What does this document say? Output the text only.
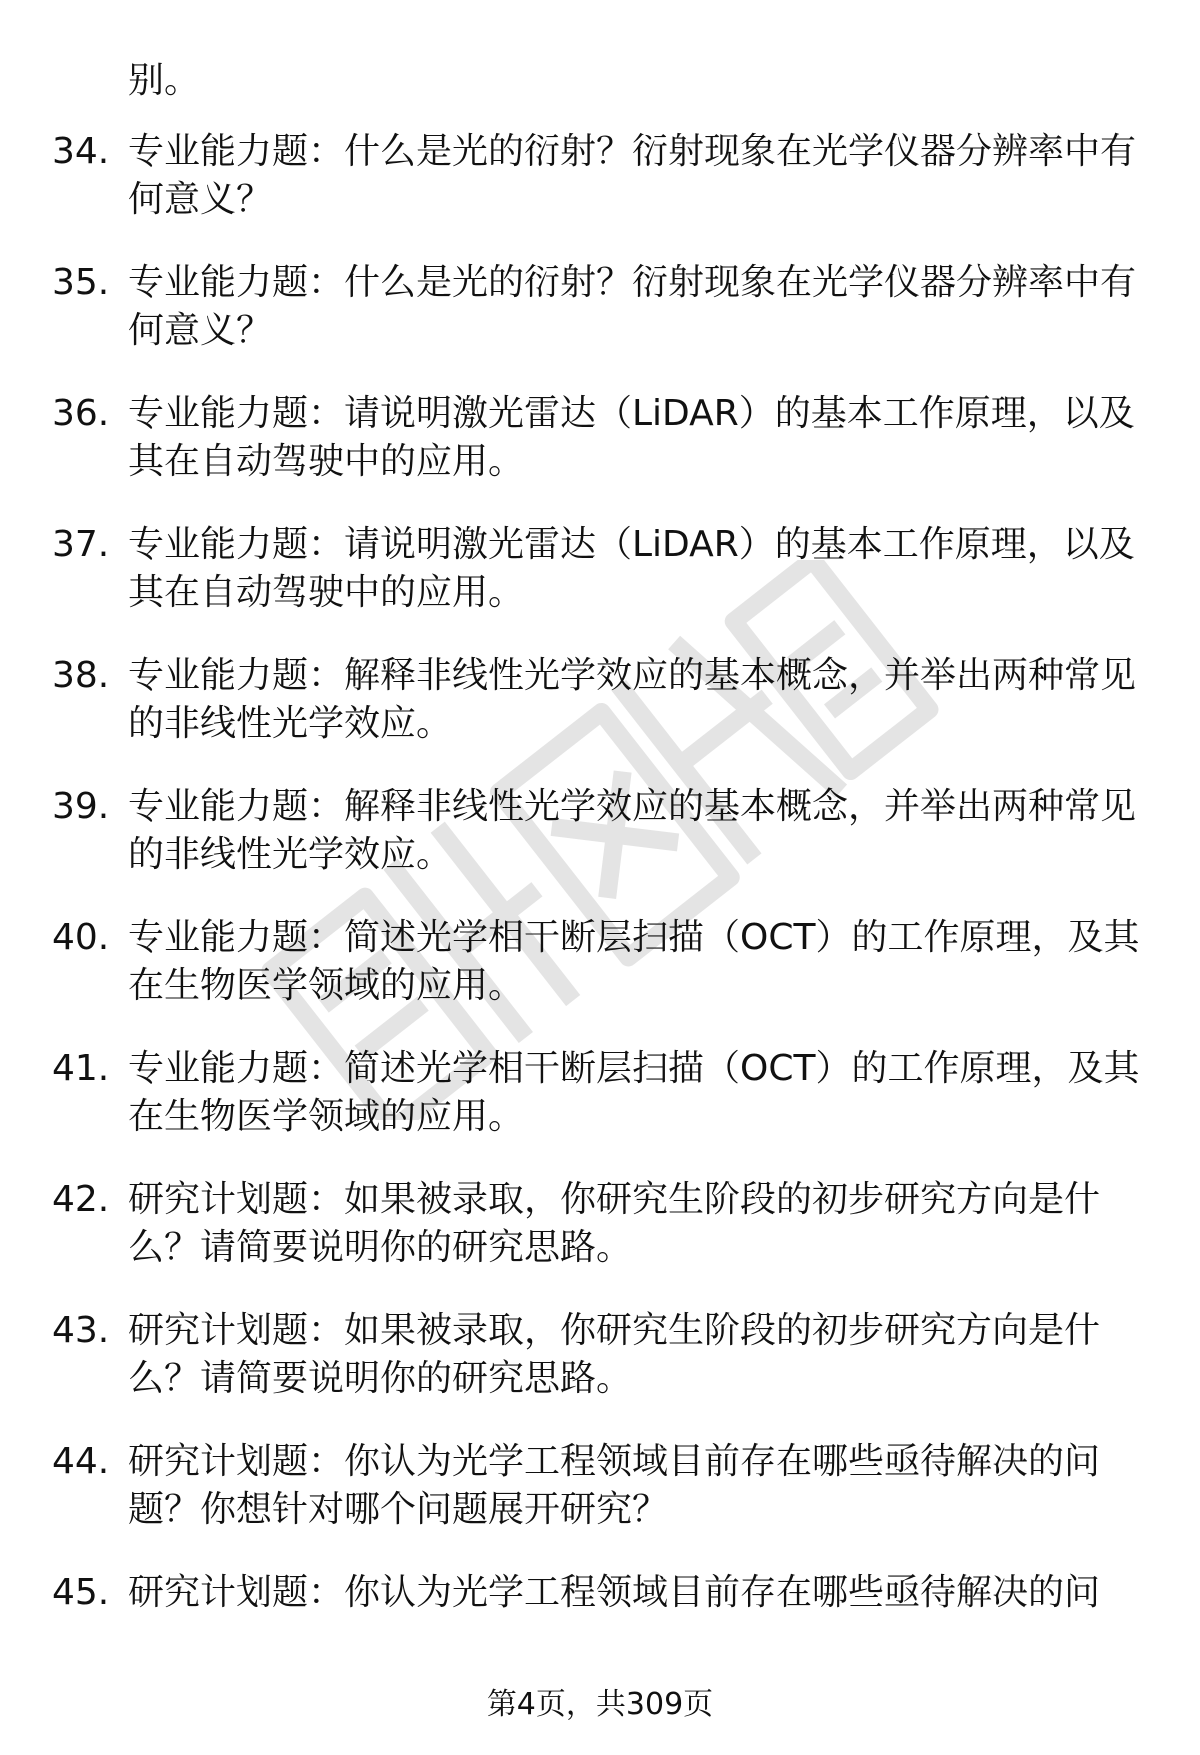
别。
34. 专业能力题：什么是光的衍射？衍射现象在光学仪器分辨率中有何意义？
35. 专业能力题：什么是光的衍射？衍射现象在光学仪器分辨率中有何意义？
36. 专业能力题：请说明激光雷达（LiDAR）的基本工作原理，以及其在自动驾驶中的应用。
37. 专业能力题：请说明激光雷达（LiDAR）的基本工作原理，以及其在自动驾驶中的应用。
38. 专业能力题：解释非线性光学效应的基本概念，并举出两种常见的非线性光学效应。
39. 专业能力题：解释非线性光学效应的基本概念，并举出两种常见的非线性光学效应。
40. 专业能力题：简述光学相干断层扫描（OCT）的工作原理，及其在生物医学领域的应用。
41. 专业能力题：简述光学相干断层扫描（OCT）的工作原理，及其在生物医学领域的应用。
42. 研究计划题：如果被录取，你研究生阶段的初步研究方向是什么？请简要说明你的研究思路。
43. 研究计划题：如果被录取，你研究生阶段的初步研究方向是什么？请简要说明你的研究思路。
44. 研究计划题：你认为光学工程领域目前存在哪些亟待解决的问题？你想针对哪个问题展开研究？
45. 研究计划题：你认为光学工程领域目前存在哪些亟待解决的问
第4页，共309页
